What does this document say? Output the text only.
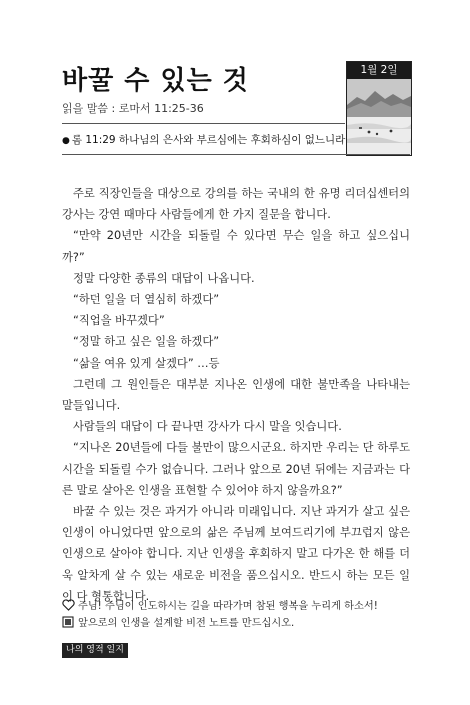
바꿀 수 있는 것
읽을 말씀 : 로마서 11:25-36
1월 2일
● 롬 11:29 하나님의 은사와 부르심에는 후회하심이 없느니라

주로 직장인들을 대상으로 강의를 하는 국내의 한 유명 리더십센터의 강사는 강연 때마다 사람들에게 한 가지 질문을 합니다.

“만약 20년만 시간을 되돌릴 수 있다면 무슨 일을 하고 싶으십니까?”

정말 다양한 종류의 대답이 나옵니다.

“하던 일을 더 열심히 하겠다”

“직업을 바꾸겠다”

“정말 하고 싶은 일을 하겠다”

“삶을 여유 있게 살겠다” …등

그런데 그 원인들은 대부분 지나온 인생에 대한 불만족을 나타내는 말들입니다.

사람들의 대답이 다 끝나면 강사가 다시 말을 잇습니다.

“지나온 20년들에 다들 불만이 많으시군요. 하지만 우리는 단 하루도 시간을 되돌릴 수가 없습니다. 그러나 앞으로 20년 뒤에는 지금과는 다른 말로 살아온 인생을 표현할 수 있어야 하지 않을까요?”

바꿀 수 있는 것은 과거가 아니라 미래입니다. 지난 과거가 살고 싶은 인생이 아니었다면 앞으로의 삶은 주님께 보여드리기에 부끄럽지 않은 인생으로 살아야 합니다. 지난 인생을 후회하지 말고 다가온 한 해를 더욱 알차게 살 수 있는 새로운 비전을 품으십시오. 반드시 하는 모든 일이 다 형통합니다.

주님! 주님이 인도하시는 길을 따라가며 참된 행복을 누리게 하소서!
앞으로의 인생을 설계할 비전 노트를 만드십시오.
나의 영적 일지
